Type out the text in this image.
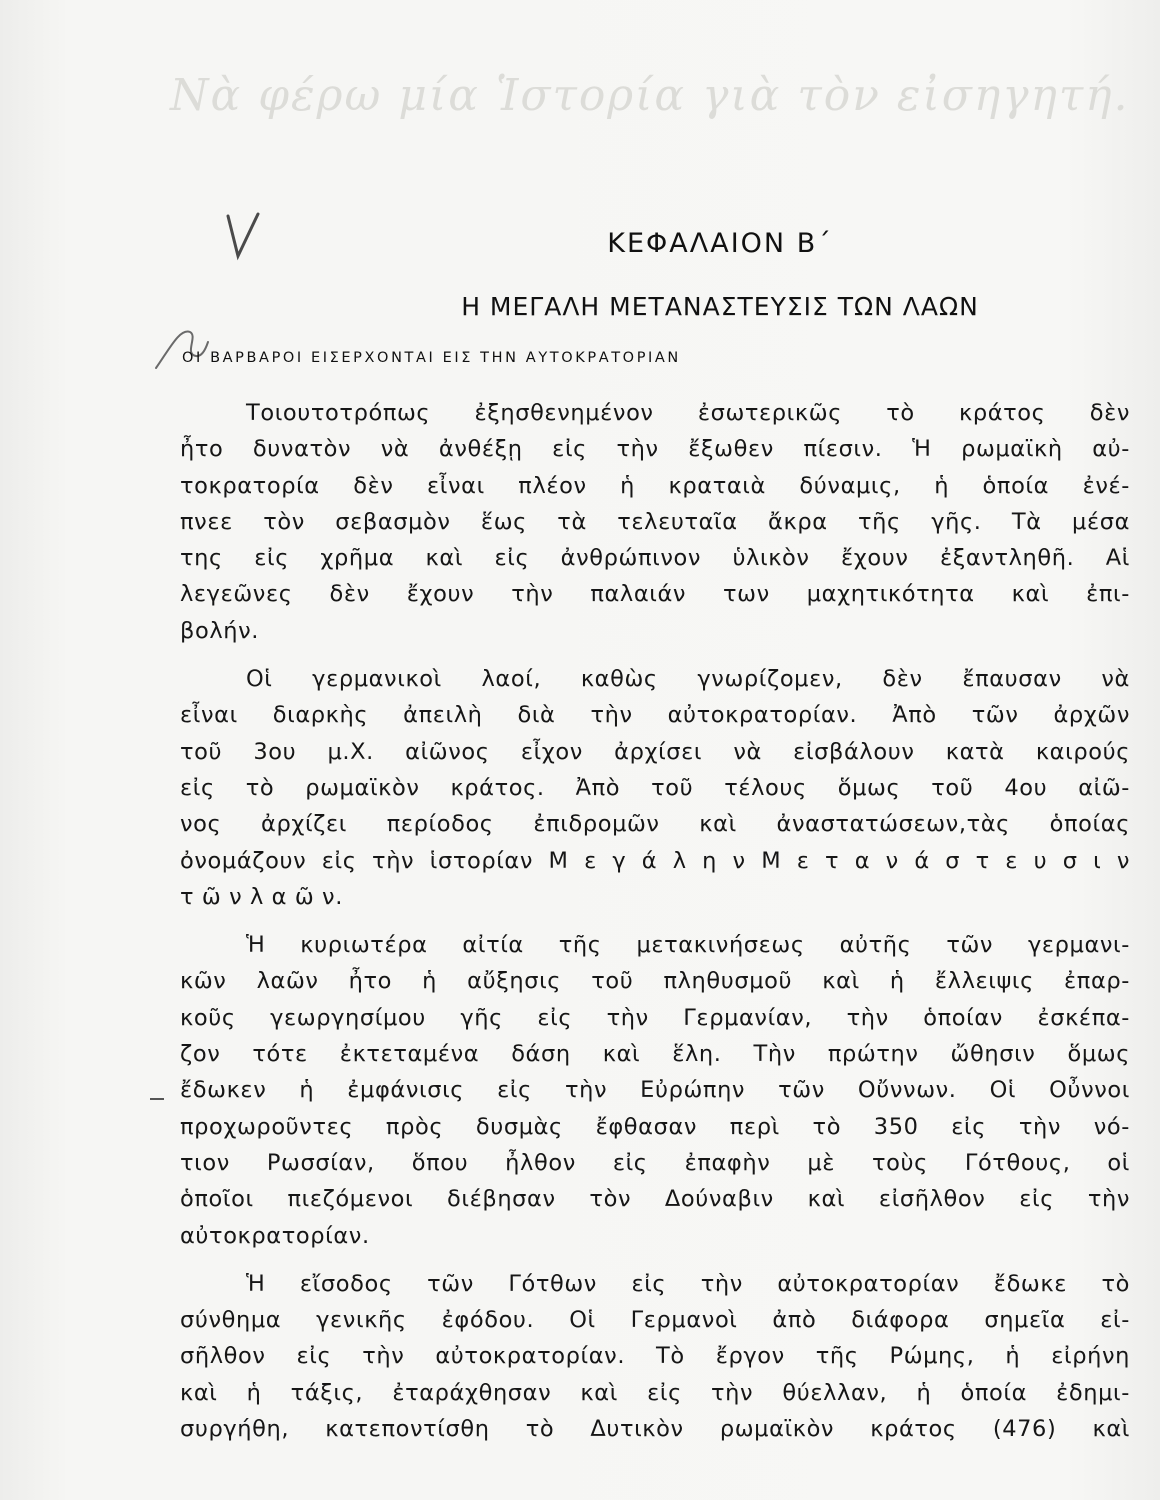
Νὰ φέρω μία Ἱστορία γιὰ τὸν εἰσηγητή.
ΚΕΦΑΛΑΙΟΝ Β΄
Η ΜΕΓΑΛΗ ΜΕΤΑΝΑΣΤΕΥΣΙΣ ΤΩΝ ΛΑΩΝ
ΟΙ ΒΑΡΒΑΡΟΙ ΕΙΣΕΡΧΟΝΤΑΙ ΕΙΣ ΤΗΝ ΑΥΤΟΚΡΑΤΟΡΙΑΝ
Τοιουτοτρόπως ἐξησθενημένον ἐσωτερικῶς τὸ κράτος δὲν
ἦτο δυνατὸν νὰ ἀνθέξῃ εἰς τὴν ἔξωθεν πίεσιν. Ἡ ρωμαϊκὴ αὐ-
τοκρατορία δὲν εἶναι πλέον ἡ κραταιὰ δύναμις, ἡ ὁποία ἐνέ-
πνεε τὸν σεβασμὸν ἕως τὰ τελευταῖα ἄκρα τῆς γῆς. Τὰ μέσα
της εἰς χρῆμα καὶ εἰς ἀνθρώπινον ὑλικὸν ἔχουν ἐξαντληθῆ. Αἱ
λεγεῶνες δὲν ἔχουν τὴν παλαιάν των μαχητικότητα καὶ ἐπι-
βολήν.
Οἱ γερμανικοὶ λαοί, καθὼς γνωρίζομεν, δὲν ἔπαυσαν νὰ
εἶναι διαρκὴς ἀπειλὴ διὰ τὴν αὐτοκρατορίαν. Ἀπὸ τῶν ἀρχῶν
τοῦ 3ου μ.Χ. αἰῶνος εἶχον ἀρχίσει νὰ εἰσβάλουν κατὰ καιρούς
εἰς τὸ ρωμαϊκὸν κράτος. Ἀπὸ τοῦ τέλους ὅμως τοῦ 4ου αἰῶ-
νος ἀρχίζει περίοδος ἐπιδρομῶν καὶ ἀναστατώσεων,τὰς ὁποίας
ὀνομάζουν εἰς τὴν ἱστορίαν Μ ε γ ά λ η ν Μ ε τ α ν ά σ τ ε υ σ ι ν
τ ῶ ν λ α ῶ ν.
Ἡ κυριωτέρα αἰτία τῆς μετακινήσεως αὐτῆς τῶν γερμανι-
κῶν λαῶν ἦτο ἡ αὔξησις τοῦ πληθυσμοῦ καὶ ἡ ἔλλειψις ἐπαρ-
κοῦς γεωργησίμου γῆς εἰς τὴν Γερμανίαν, τὴν ὁποίαν ἐσκέπα-
ζον τότε ἐκτεταμένα δάση καὶ ἕλη. Τὴν πρώτην ὤθησιν ὅμως
ἔδωκεν ἡ ἐμφάνισις εἰς τὴν Εὐρώπην τῶν Οὔννων. Οἱ Οὖννοι
προχωροῦντες πρὸς δυσμὰς ἔφθασαν περὶ τὸ 350 εἰς τὴν νό-
τιον Ρωσσίαν, ὅπου ἦλθον εἰς ἐπαφὴν μὲ τοὺς Γότθους, οἱ
ὁποῖοι πιεζόμενοι διέβησαν τὸν Δούναβιν καὶ εἰσῆλθον εἰς τὴν
αὐτοκρατορίαν.
Ἡ εἴσοδος τῶν Γότθων εἰς τὴν αὐτοκρατορίαν ἔδωκε τὸ
σύνθημα γενικῆς ἐφόδου. Οἱ Γερμανοὶ ἀπὸ διάφορα σημεῖα εἰ-
σῆλθον εἰς τὴν αὐτοκρατορίαν. Τὸ ἔργον τῆς Ρώμης, ἡ εἰρήνη
καὶ ἡ τάξις, ἐταράχθησαν καὶ εἰς τὴν θύελλαν, ἡ ὁποία ἐδημι-
συργήθη, κατεποντίσθη τὸ Δυτικὸν ρωμαϊκὸν κράτος (476) καὶ
